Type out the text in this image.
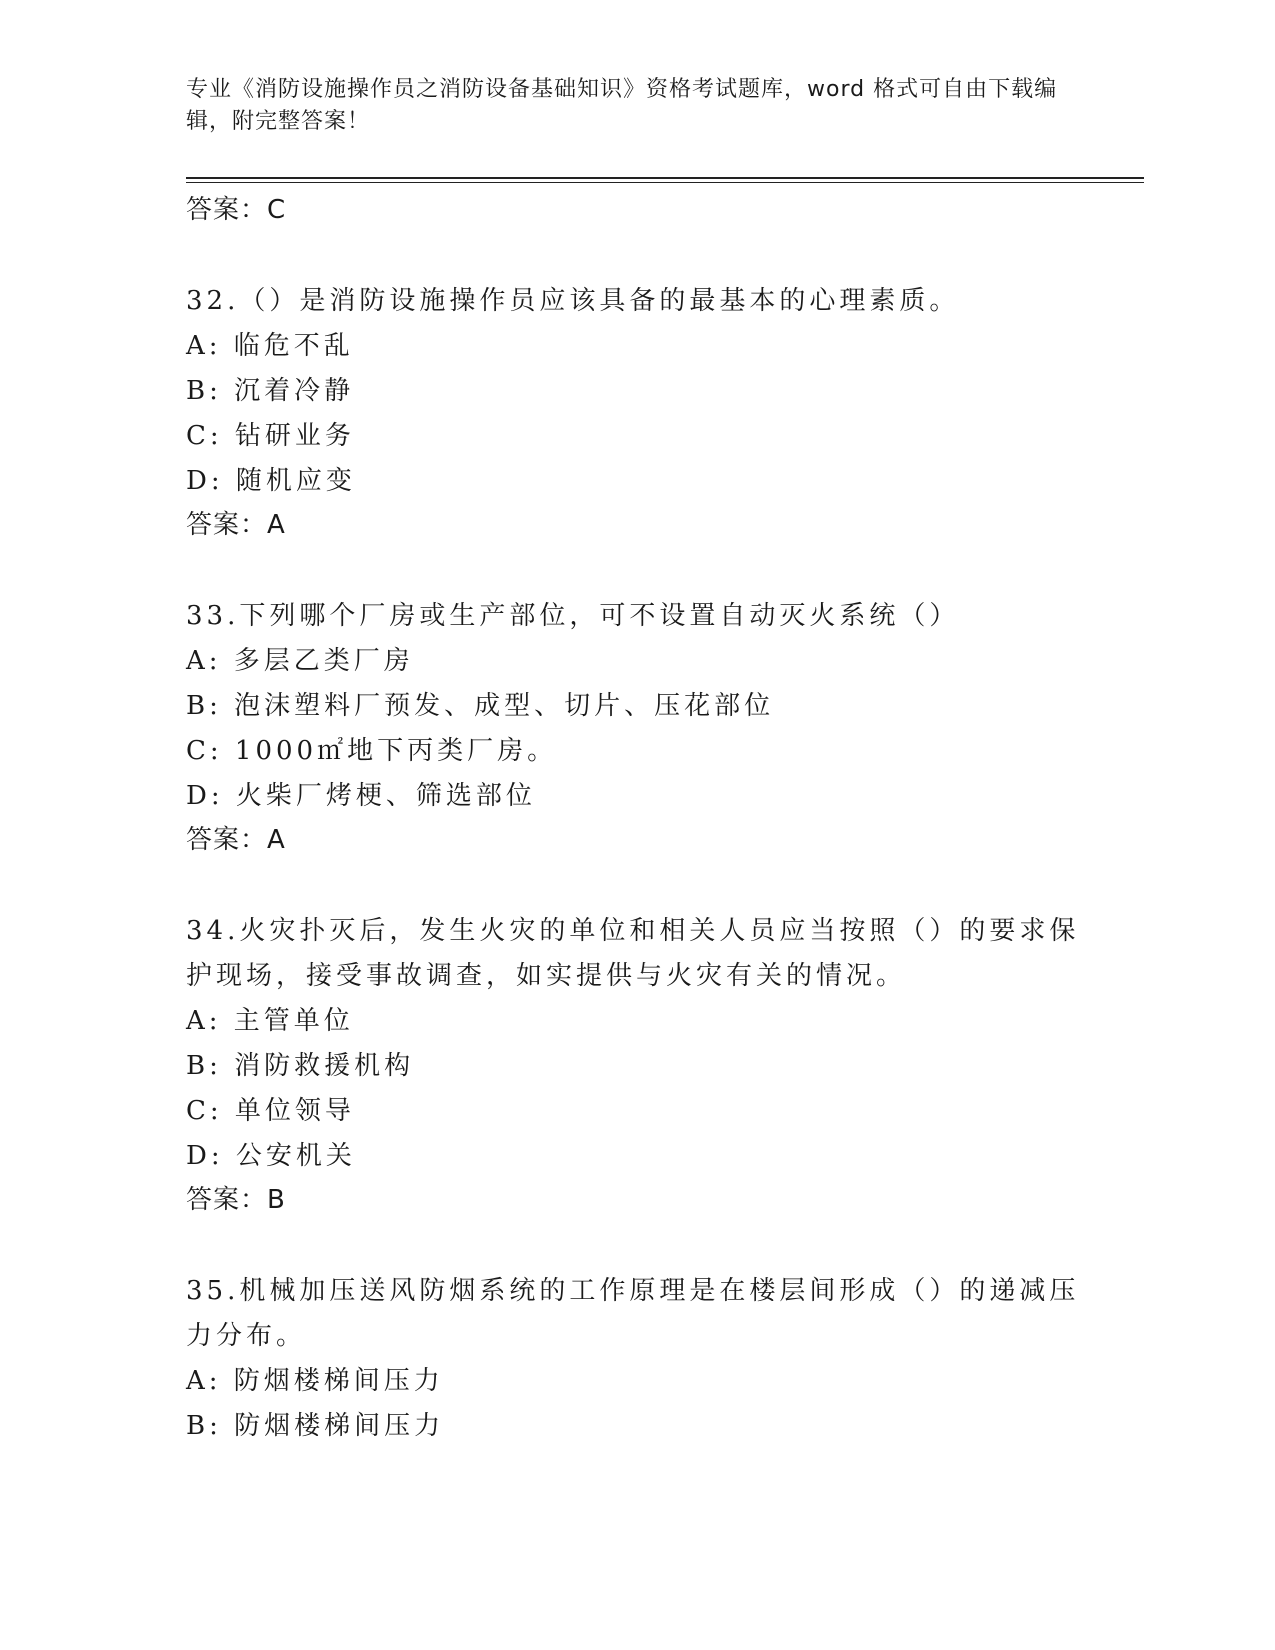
专业《消防设施操作员之消防设备基础知识》资格考试题库，word 格式可自由下载编辑，附完整答案！
答案：C
32.（）是消防设施操作员应该具备的最基本的心理素质。
A: 临危不乱
B: 沉着冷静
C: 钻研业务
D: 随机应变
答案：A
33.下列哪个厂房或生产部位，可不设置自动灭火系统（）
A: 多层乙类厂房
B: 泡沫塑料厂预发、成型、切片、压花部位
C: 1000㎡地下丙类厂房。
D: 火柴厂烤梗、筛选部位
答案：A
34.火灾扑灭后，发生火灾的单位和相关人员应当按照（）的要求保护现场，接受事故调查，如实提供与火灾有关的情况。
A: 主管单位
B: 消防救援机构
C: 单位领导
D: 公安机关
答案：B
35.机械加压送风防烟系统的工作原理是在楼层间形成（）的递减压力分布。
A: 防烟楼梯间压力
B: 防烟楼梯间压力
